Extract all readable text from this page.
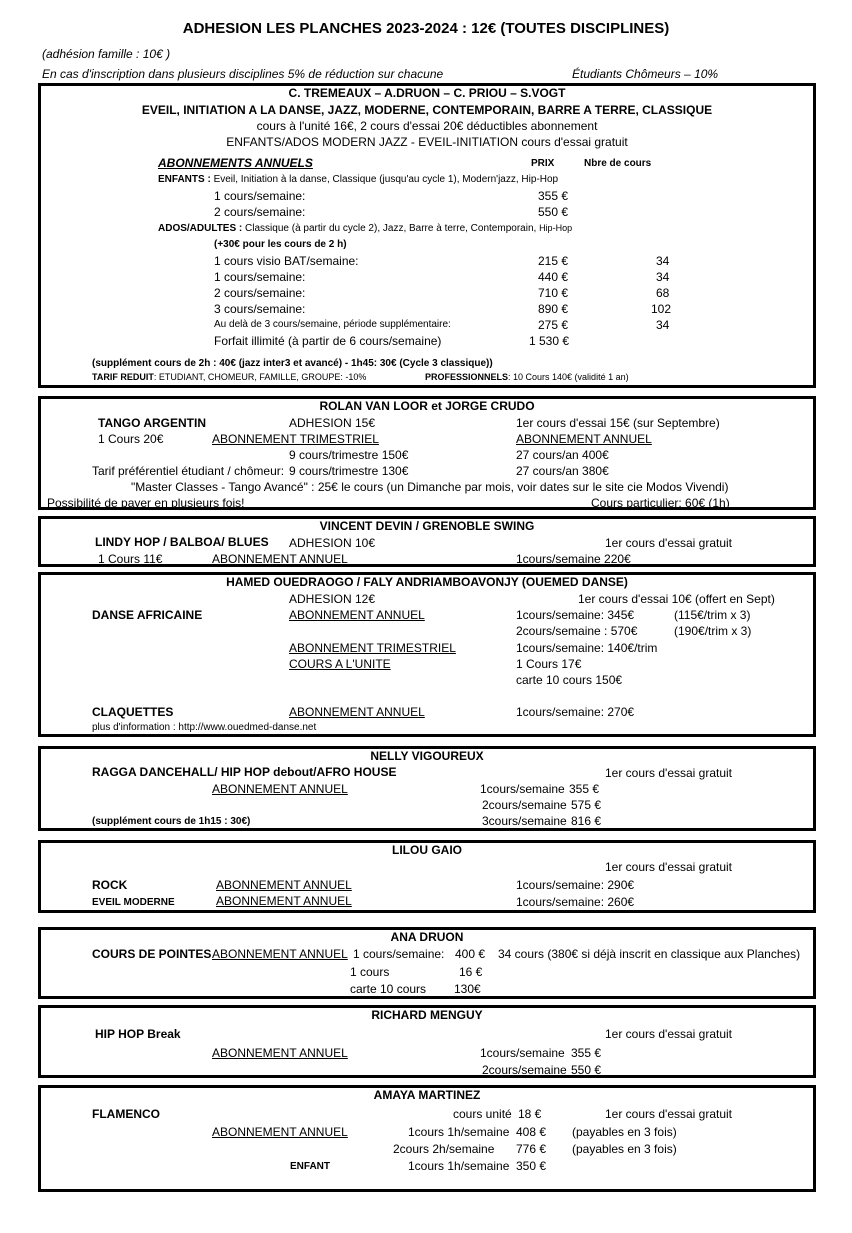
ADHESION LES PLANCHES 2023-2024 : 12€ (TOUTES DISCIPLINES)
(adhésion famille : 10€ )
En cas d'inscription dans plusieurs disciplines 5% de réduction sur chacune	Étudiants Chômeurs – 10%
C. TREMEAUX – A.DRUON – C. PRIOU – S.VOGT
EVEIL, INITIATION A LA DANSE, JAZZ, MODERNE, CONTEMPORAIN, BARRE A TERRE, CLASSIQUE
cours à l'unité 16€, 2 cours d'essai 20€ déductibles abonnement
ENFANTS/ADOS MODERN JAZZ - EVEIL-INITIATION cours d'essai gratuit
ABONNEMENTS ANNUELS	PRIX	Nbre de cours
ENFANTS : Eveil, Initiation à la danse, Classique (jusqu'au cycle 1), Modern'jazz, Hip-Hop
1 cours/semaine:	355 €
2 cours/semaine:	550 €
ADOS/ADULTES : Classique (à partir du cycle 2), Jazz, Barre à terre, Contemporain, Hip-Hop
(+30€ pour les cours de 2 h)
1 cours visio BAT/semaine:	215 €	34
1 cours/semaine:	440 €	34
2 cours/semaine:	710 €	68
3 cours/semaine:	890 €	102
Au delà de 3 cours/semaine, période supplémentaire:	275 €	34
Forfait illimité (à partir de 6 cours/semaine)	1 530 €
(supplément cours de 2h : 40€ (jazz inter3 et avancé) - 1h45: 30€ (Cycle 3 classique))
TARIF REDUIT: ETUDIANT, CHOMEUR, FAMILLE, GROUPE: -10%	PROFESSIONNELS: 10 Cours 140€ (validité 1 an)
ROLAN VAN LOOR et JORGE CRUDO
TANGO ARGENTIN	ADHESION 15€	1er cours d'essai 15€ (sur Septembre)
1 Cours 20€	ABONNEMENT TRIMESTRIEL	ABONNEMENT ANNUEL
9 cours/trimestre 150€	27 cours/an 400€
Tarif préférentiel étudiant / chômeur: 9 cours/trimestre 130€	27 cours/an 380€
"Master Classes - Tango Avancé" : 25€ le cours (un Dimanche par mois, voir dates sur le site cie Modos Vivendi)
Possibilité de payer en plusieurs fois!	Cours particulier: 60€ (1h)
VINCENT DEVIN / GRENOBLE SWING
LINDY HOP / BALBOA/ BLUES ADHESION 10€	1er cours d'essai gratuit
1 Cours 11€	ABONNEMENT ANNUEL	1cours/semaine 220€
HAMED OUEDRAOGO / FALY ANDRIAMBOAVONJY (OUEMED DANSE)
ADHESION 12€	1er cours d'essai 10€ (offert en Sept)
DANSE AFRICAINE	ABONNEMENT ANNUEL	1cours/semaine: 345€	(115€/trim x 3)
2cours/semaine : 570€	(190€/trim x 3)
ABONNEMENT TRIMESTRIEL	1cours/semaine: 140€/trim
COURS A L'UNITE	1 Cours 17€
carte 10 cours 150€
CLAQUETTES	ABONNEMENT ANNUEL	1cours/semaine: 270€
plus d'information : http://www.ouedmed-danse.net
NELLY VIGOUREUX
RAGGA DANCEHALL/ HIP HOP debout/AFRO HOUSE	1er cours d'essai gratuit
ABONNEMENT ANNUEL	1cours/semaine 355 €
2cours/semaine 575 €
(supplément cours de 1h15 : 30€)	3cours/semaine 816 €
LILOU GAIO
1er cours d'essai gratuit
ROCK	ABONNEMENT ANNUEL	1cours/semaine: 290€
EVEIL MODERNE	ABONNEMENT ANNUEL	1cours/semaine: 260€
ANA DRUON
COURS DE POINTES ABONNEMENT ANNUEL 1 cours/semaine: 400 € 34 cours (380€ si déjà inscrit en classique aux Planches)
1 cours	16 €
carte 10 cours 130€
RICHARD MENGUY
HIP HOP Break	1er cours d'essai gratuit
ABONNEMENT ANNUEL	1cours/semaine 355 €
2cours/semaine 550 €
AMAYA MARTINEZ
FLAMENCO	cours unité 18 €	1er cours d'essai gratuit
ABONNEMENT ANNUEL	1cours 1h/semaine 408 € (payables en 3 fois)
2cours 2h/semaine 776 € (payables en 3 fois)
ENFANT	1cours 1h/semaine 350 €
